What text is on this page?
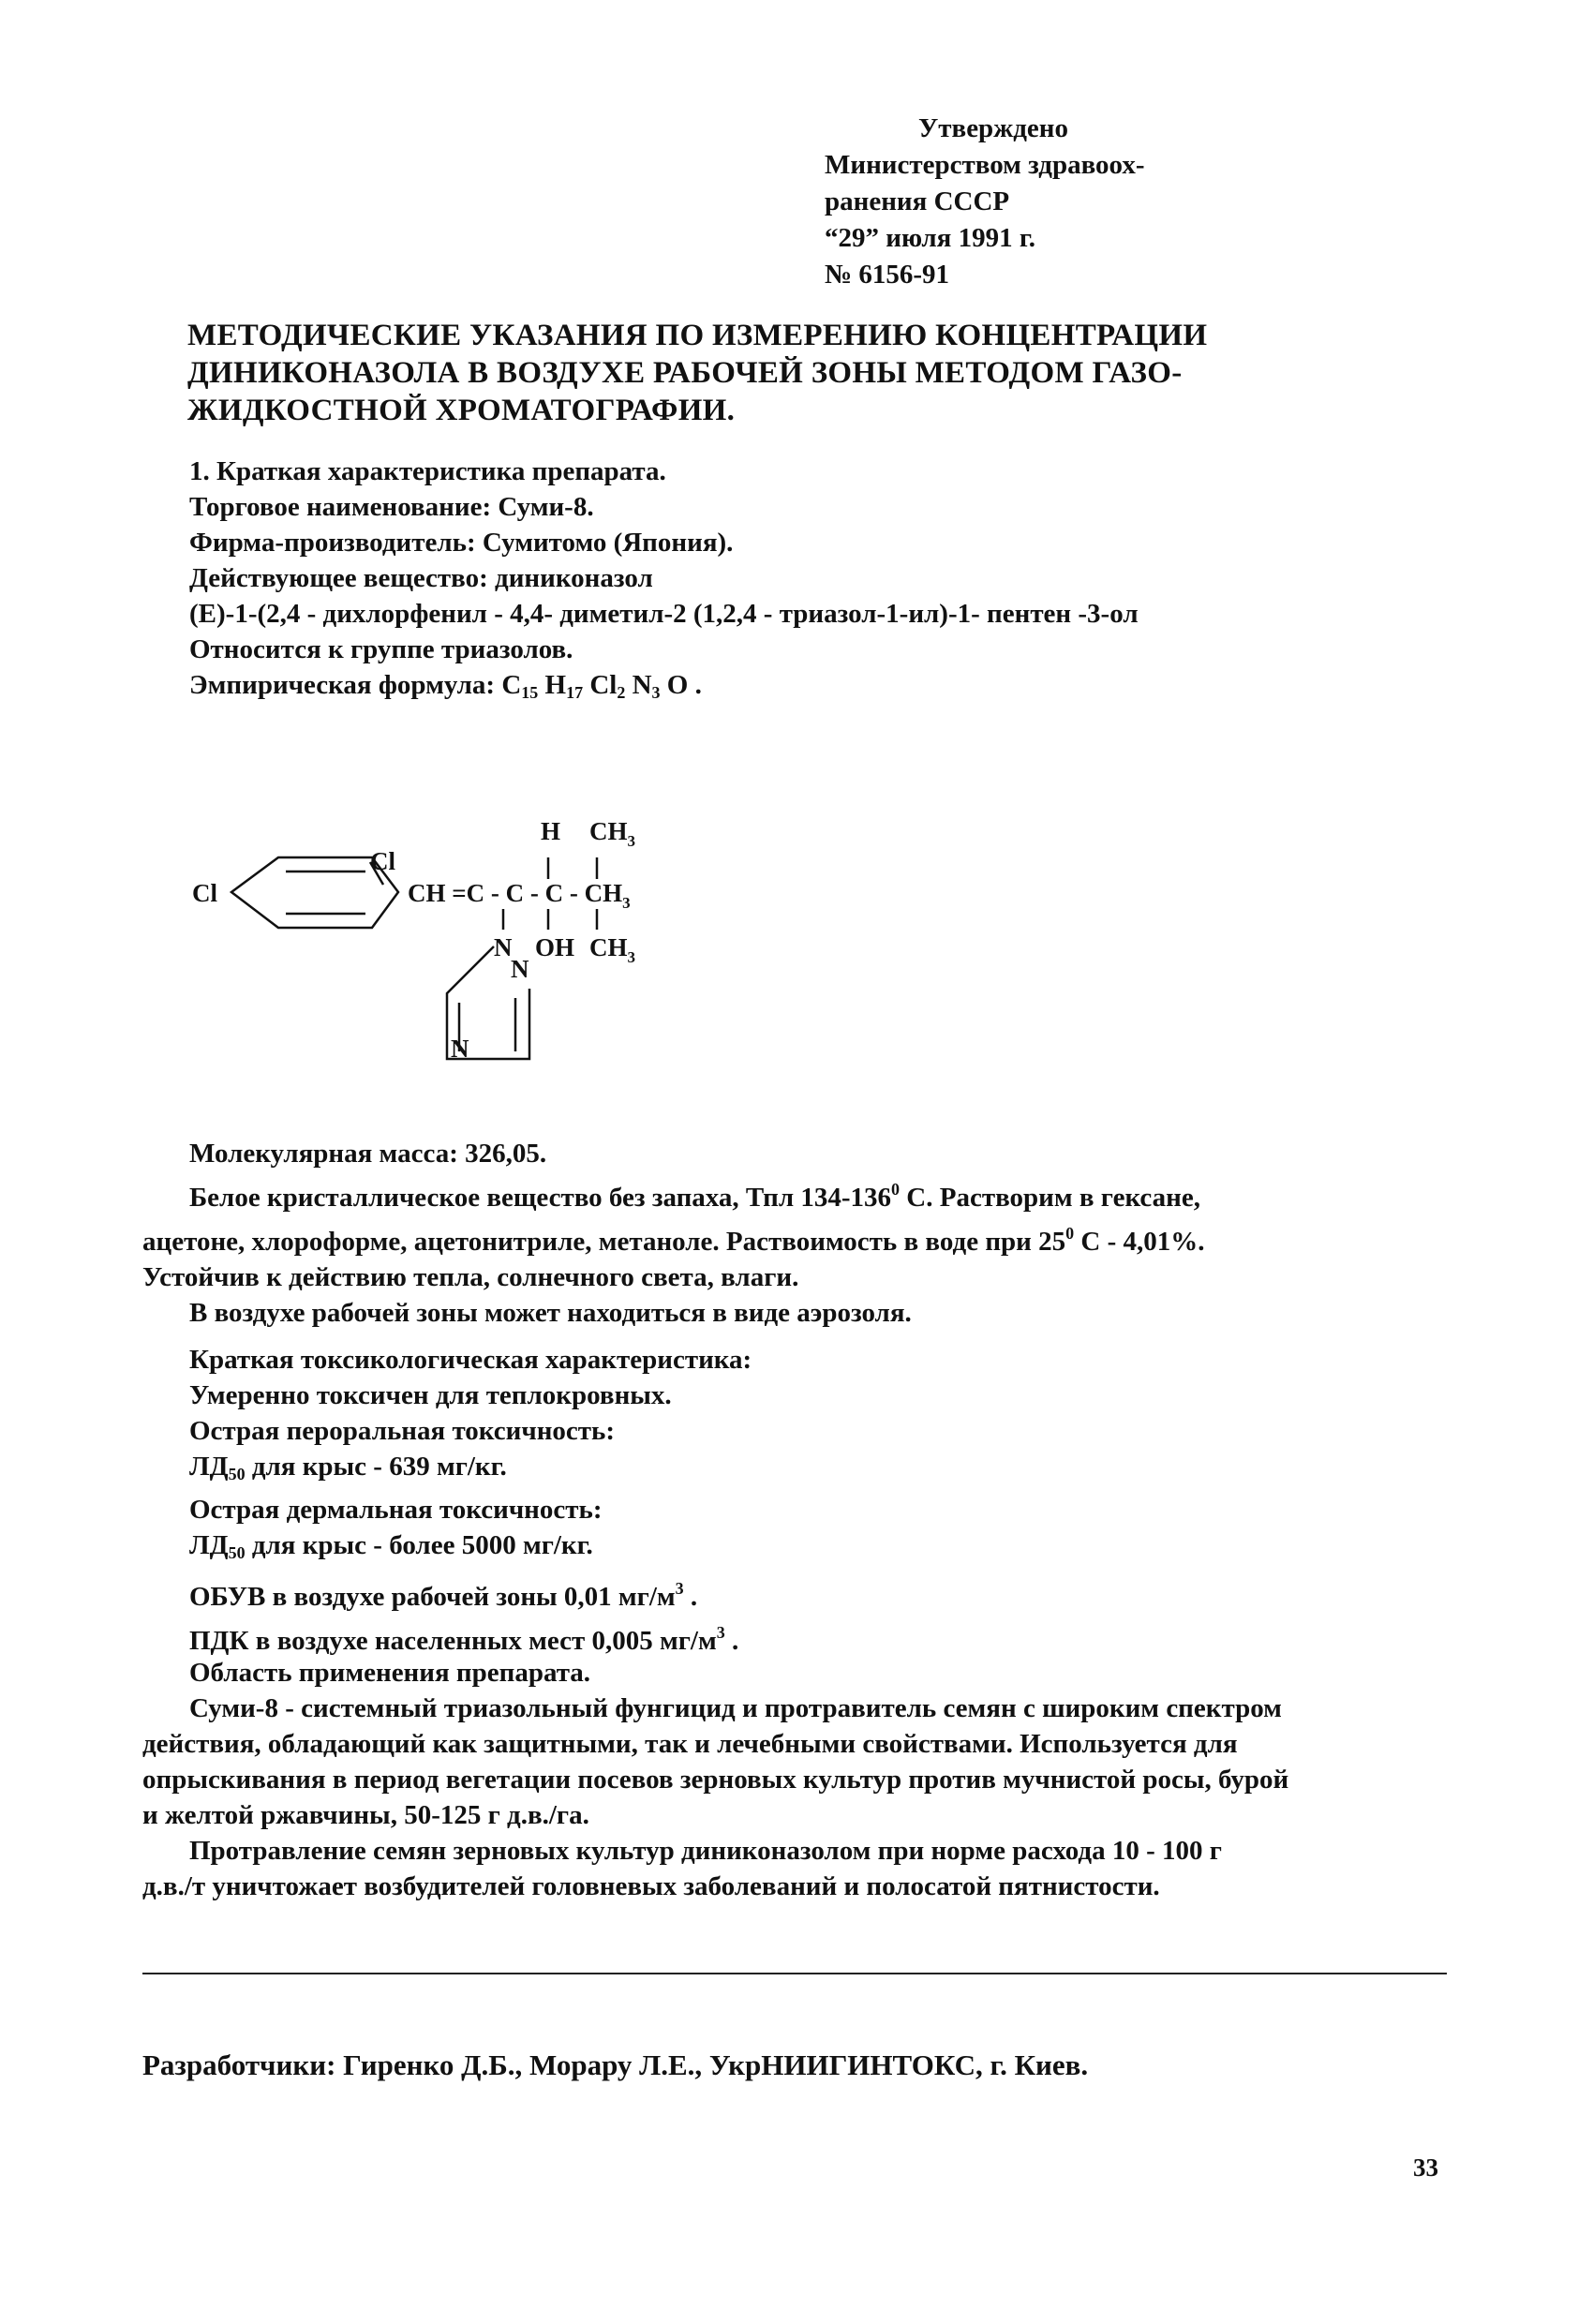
Утверждено
Министерством здравоох-
ранения СССР
“29” июля 1991 г.
№ 6156-91
МЕТОДИЧЕСКИЕ УКАЗАНИЯ ПО ИЗМЕРЕНИЮ КОНЦЕНТРАЦИИ
ДИНИКОНАЗОЛА В ВОЗДУХЕ РАБОЧЕЙ ЗОНЫ МЕТОДОМ ГАЗО-
ЖИДКОСТНОЙ ХРОМАТОГРАФИИ.
1. Краткая характеристика препарата.
Торговое наименование: Суми-8.
Фирма-производитель: Сумитомо (Япония).
Действующее вещество: диниконазол
(Е)-1-(2,4 - дихлорфенил - 4,4- диметил-2 (1,2,4 - триазол-1-ил)-1- пентен -3-ол
Относится к группе триазолов.
Эмпирическая формула: $C_{15}$ $H_{17}$ $Cl_2$ $N_3$ O .
Cl
Cl
CH $=C - C - C - CH_3$
H $CH_3$
OH $CH_3$
N
N
N
Молекулярная масса: 326,05.
Белое кристаллическое вещество без запаха, Тпл $134-136^0$ С. Растворим в гексане,
ацетоне, хлороформе, ацетонитриле, метаноле. Раствоимость в воде при $25^0$ С - 4,01%.
Устойчив к действию тепла, солнечного света, влаги.
В воздухе рабочей зоны может находиться в виде аэрозоля.
Краткая токсикологическая характеристика:
Умеренно токсичен для теплокровных.
Острая пероральная токсичность:
$ЛД_{50}$ для крыс - 639 мг/кг.
Острая дермальная токсичность:
$ЛД_{50}$ для крыс - более 5000 мг/кг.
ОБУВ в воздухе рабочей зоны 0,01 $мг/м^3$ .
ПДК в воздухе населенных мест 0,005 $мг/м^3$ .
Область применения препарата.
Суми-8 - системный триазольный фунгицид и протравитель семян с широким спектром
действия, обладающий как защитными, так и лечебными свойствами. Используется для
опрыскивания в период вегетации посевов зерновых культур против мучнистой росы, бурой
и желтой ржавчины, 50-125 г д.в./га.
Протравление семян зерновых культур диниконазолом при норме расхода 10 - 100 г
д.в./т уничтожает возбудителей головневых заболеваний и полосатой пятнистости.
Разработчики: Гиренко Д.Б., Морару Л.Е., УкрНИИГИНТОКС, г. Киев.
33
